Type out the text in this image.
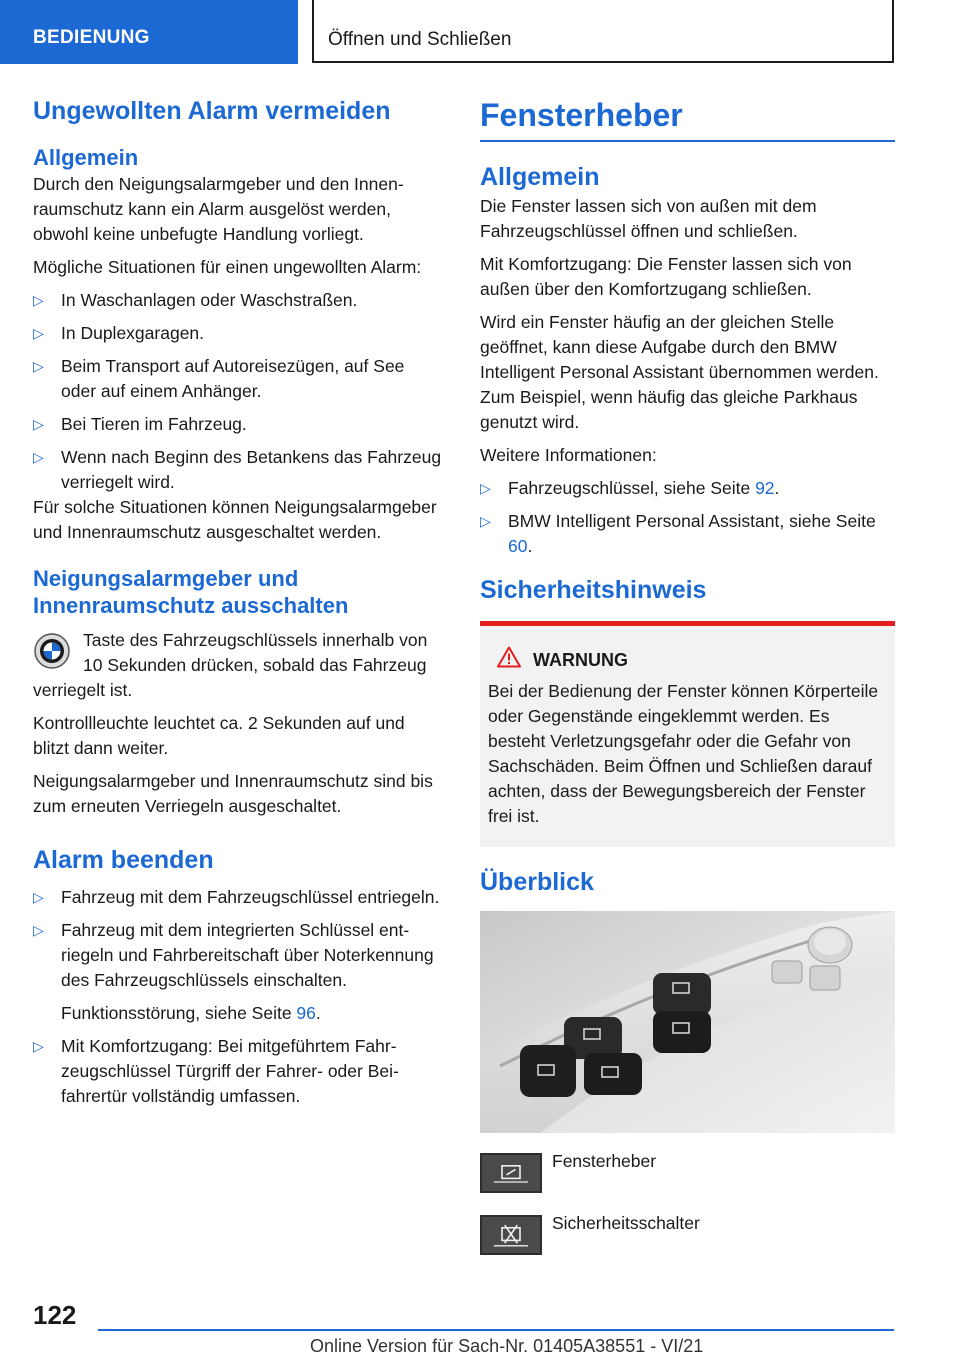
BEDIENUNG	Öffnen und Schließen
Ungewollten Alarm vermeiden
Allgemein

Durch den Neigungsalarmgeber und den Innenraumschutz kann ein Alarm ausgelöst werden, obwohl keine unbefugte Handlung vorliegt.

Mögliche Situationen für einen ungewollten Alarm:

▷ In Waschanlagen oder Waschstraßen.
▷ In Duplexgaragen.
▷ Beim Transport auf Autoreisezügen, auf See oder auf einem Anhänger.
▷ Bei Tieren im Fahrzeug.
▷ Wenn nach Beginn des Betankens das Fahrzeug verriegelt wird.

Für solche Situationen können Neigungsalarmgeber und Innenraumschutz ausgeschaltet werden.

Neigungsalarmgeber und Innenraumschutz ausschalten

Taste des Fahrzeugschlüssels innerhalb von 10 Sekunden drücken, sobald das Fahrzeug verriegelt ist.

Kontrollleuchte leuchtet ca. 2 Sekunden auf und blitzt dann weiter.

Neigungsalarmgeber und Innenraumschutz sind bis zum erneuten Verriegeln ausgeschaltet.

Alarm beenden
▷ Fahrzeug mit dem Fahrzeugschlüssel entriegeln.
▷ Fahrzeug mit dem integrierten Schlüssel entriegeln und Fahrbereitschaft über Noterkennung des Fahrzeugschlüssels einschalten.
Funktionsstörung, siehe Seite 96.
▷ Mit Komfortzugang: Bei mitgeführtem Fahrzeugschlüssel Türgriff der Fahrer- oder Beifahrertür vollständig umfassen.
Fensterheber
Allgemein

Die Fenster lassen sich von außen mit dem Fahrzeugschlüssel öffnen und schließen.

Mit Komfortzugang: Die Fenster lassen sich von außen über den Komfortzugang schließen.

Wird ein Fenster häufig an der gleichen Stelle geöffnet, kann diese Aufgabe durch den BMW Intelligent Personal Assistant übernommen werden. Zum Beispiel, wenn häufig das gleiche Parkhaus genutzt wird.

Weitere Informationen:

▷ Fahrzeugschlüssel, siehe Seite 92.
▷ BMW Intelligent Personal Assistant, siehe Seite 60.
Sicherheitshinweis
WARNUNG

Bei der Bedienung der Fenster können Körperteile oder Gegenstände eingeklemmt werden. Es besteht Verletzungsgefahr oder die Gefahr von Sachschäden. Beim Öffnen und Schließen darauf achten, dass der Bewegungsbereich der Fenster frei ist.

Überblick
Fensterheber
Sicherheitsschalter
122
Online Version für Sach-Nr. 01405A38551 - VI/21
